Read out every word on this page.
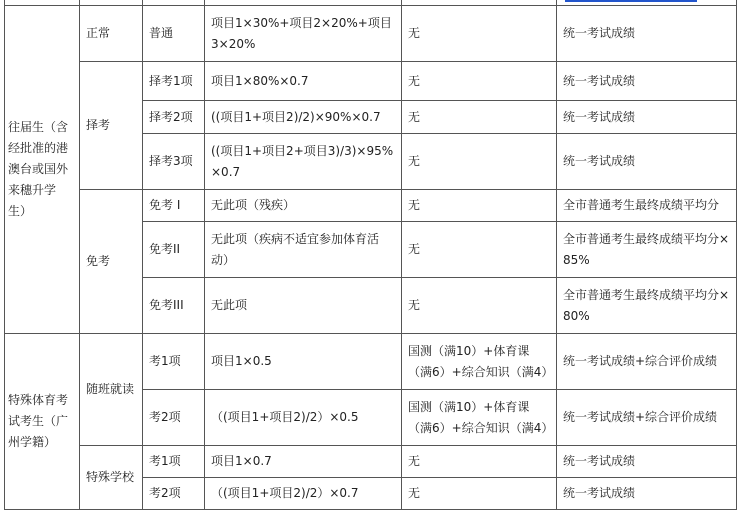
往届生（含经批准的港澳台或国外来穗升学生）	正常	普通	项目1×30%+项目2×20%+项目3×20%	无	统一考试成绩
	择考	择考1项	项目1×80%×0.7	无	统一考试成绩
		择考2项	((项目1+项目2)/2)×90%×0.7	无	统一考试成绩
		择考3项	((项目1+项目2+项目3)/3)×95%×0.7	无	统一考试成绩
	免考	免考 I	无此项（残疾）	无	全市普通考生最终成绩平均分
		免考II	无此项（疾病不适宜参加体育活动）	无	全市普通考生最终成绩平均分×85%
		免考III	无此项	无	全市普通考生最终成绩平均分×80%
特殊体育考试考生（广州学籍）	随班就读	考1项	项目1×0.5	国测（满10）+体育课（满6）+综合知识（满4）	统一考试成绩+综合评价成绩
		考2项	（(项目1+项目2)/2）×0.5	国测（满10）+体育课（满6）+综合知识（满4）	统一考试成绩+综合评价成绩
	特殊学校	考1项	项目1×0.7	无	统一考试成绩
		考2项	（(项目1+项目2)/2）×0.7	无	统一考试成绩
